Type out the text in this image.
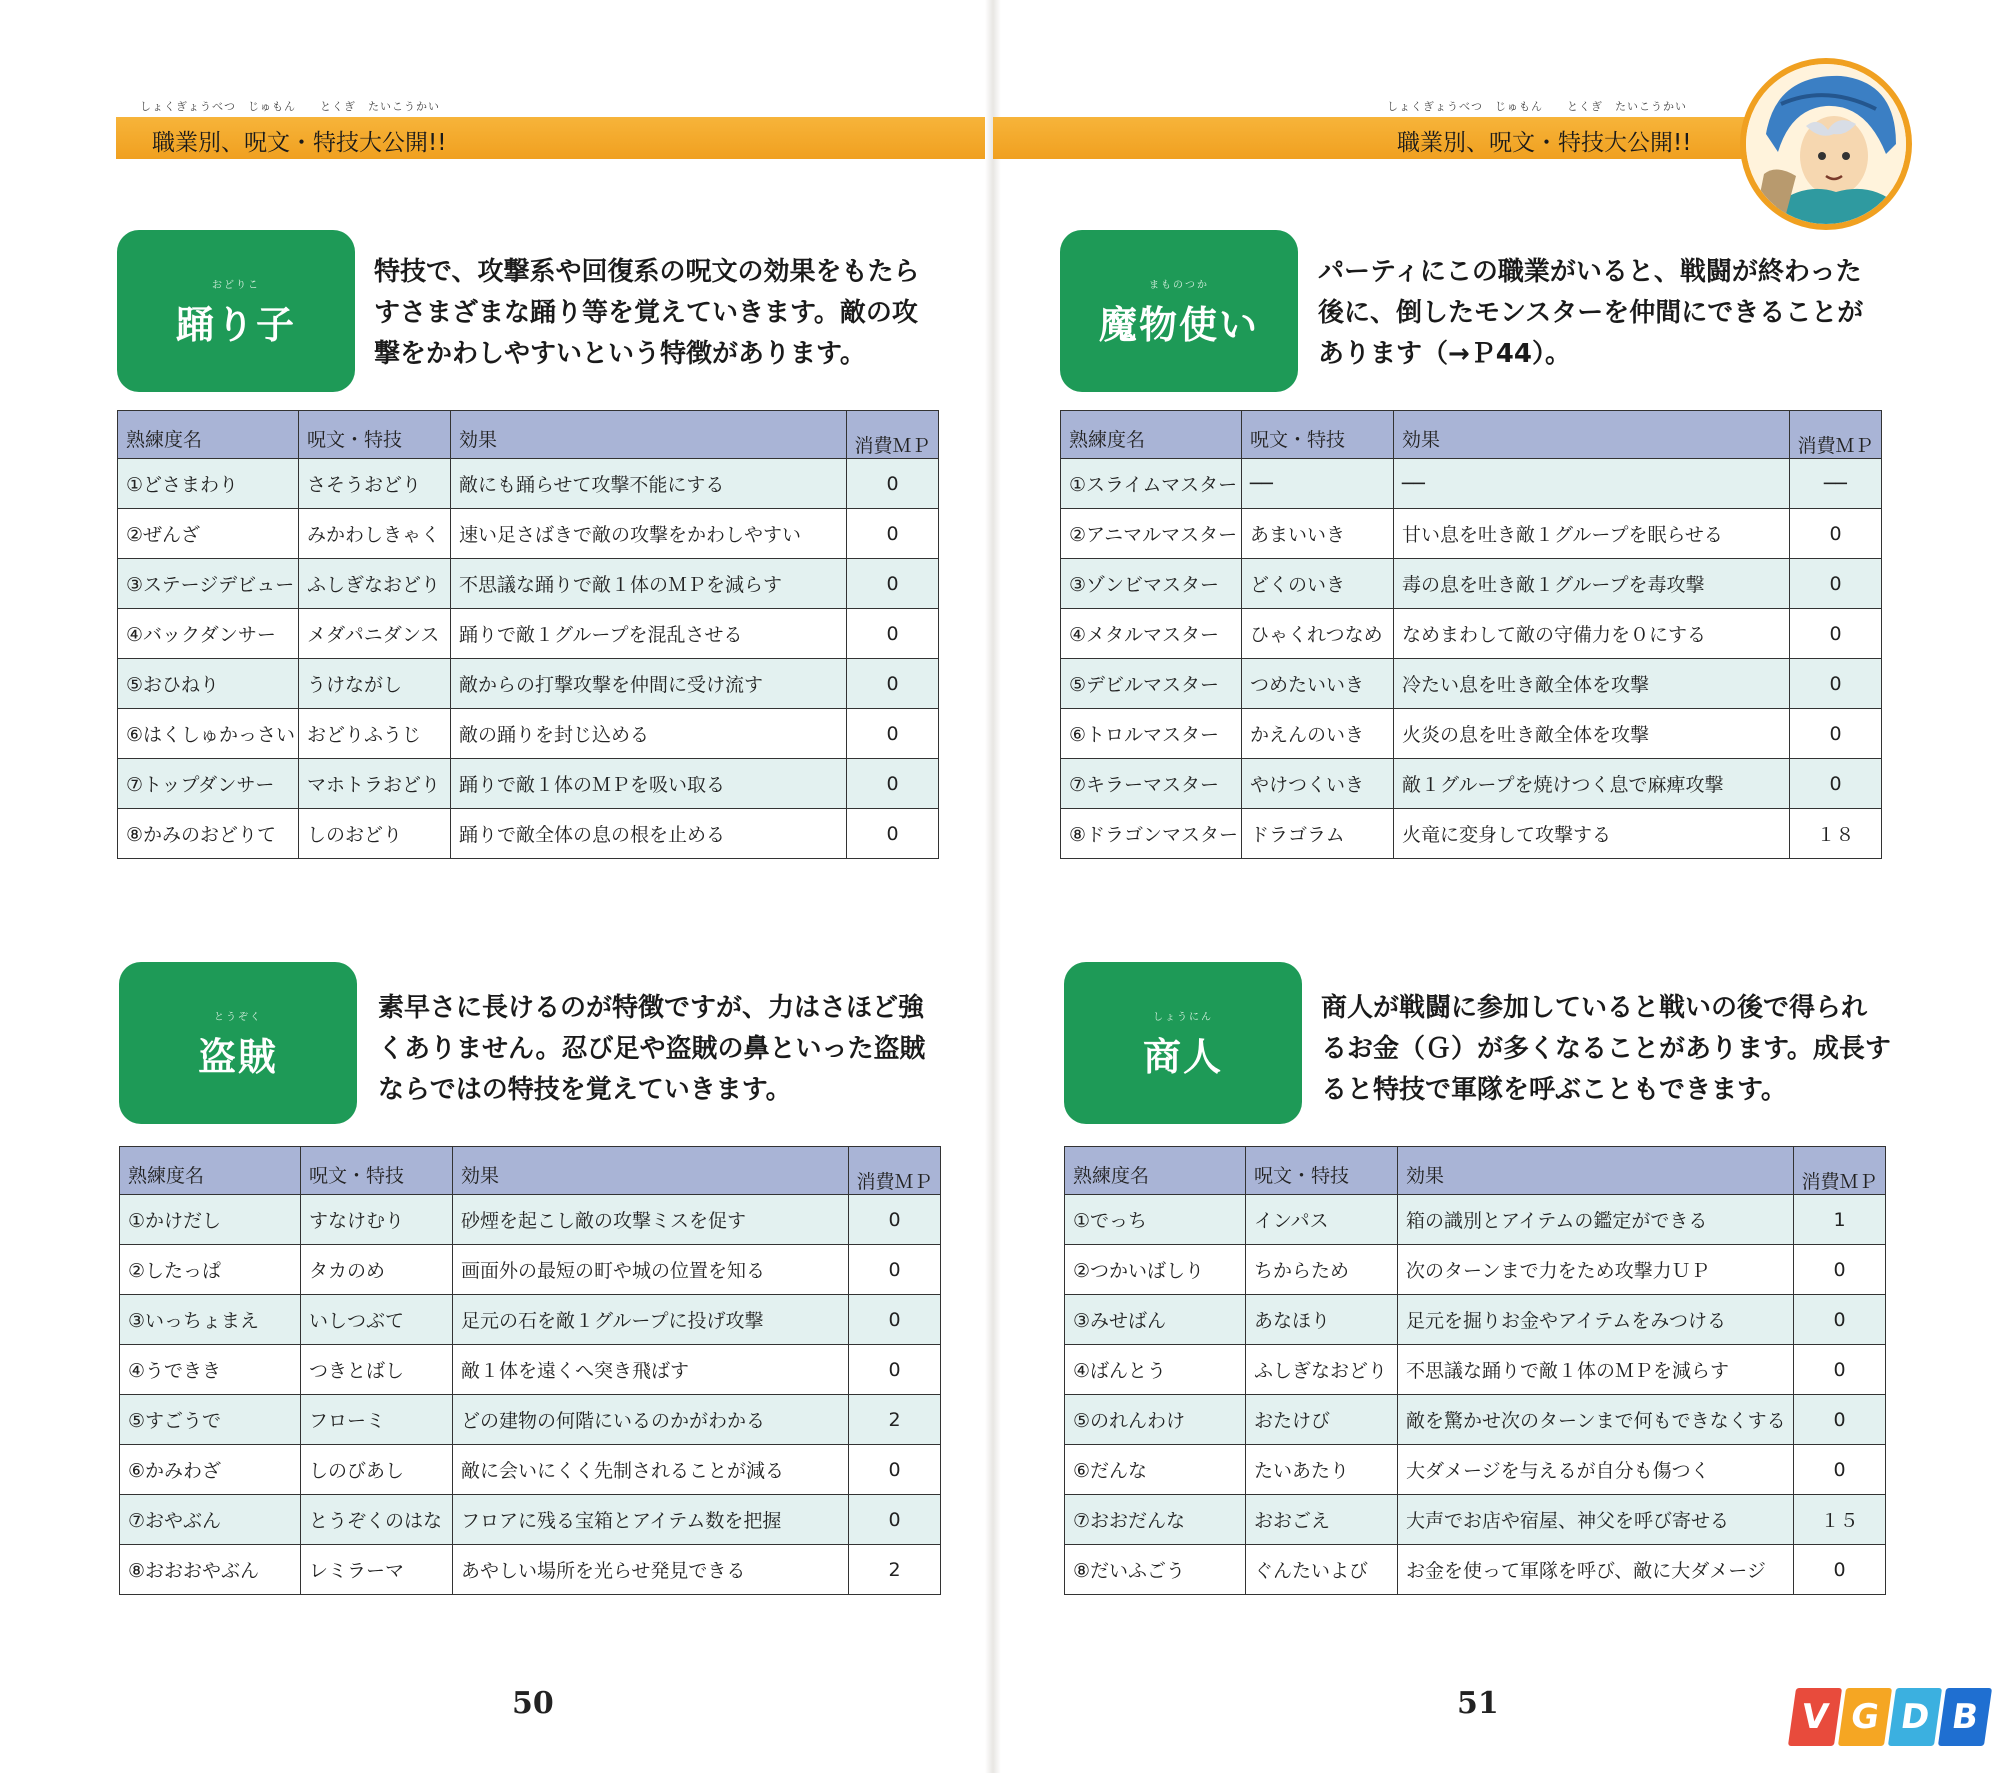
しょくぎょうべつ　じゅもん　　とくぎ　たいこうかい
職業別、呪文・特技大公開!!
おどりこ
踊り子
特技で、攻撃系や回復系の呪文の効果をもたら
すさまざまな踊り等を覚えていきます。敵の攻
撃をかわしやすいという特徴があります。
熟練度名	呪文・特技	効果	消費ＭＰ
①どさまわり	さそうおどり	敵にも踊らせて攻撃不能にする	0
②ぜんざ	みかわしきゃく	速い足さばきで敵の攻撃をかわしやすい	0
③ステージデビュー	ふしぎなおどり	不思議な踊りで敵１体のＭＰを減らす	0
④バックダンサー	メダパニダンス	踊りで敵１グループを混乱させる	0
⑤おひねり	うけながし	敵からの打撃攻撃を仲間に受け流す	0
⑥はくしゅかっさい	おどりふうじ	敵の踊りを封じ込める	0
⑦トップダンサー	マホトラおどり	踊りで敵１体のＭＰを吸い取る	0
⑧かみのおどりて	しのおどり	踊りで敵全体の息の根を止める	0
とうぞく
盗賊
素早さに長けるのが特徴ですが、力はさほど強
くありません。忍び足や盗賊の鼻といった盗賊
ならではの特技を覚えていきます。
熟練度名	呪文・特技	効果	消費ＭＰ
①かけだし	すなけむり	砂煙を起こし敵の攻撃ミスを促す	0
②したっぱ	タカのめ	画面外の最短の町や城の位置を知る	0
③いっちょまえ	いしつぶて	足元の石を敵１グループに投げ攻撃	0
④うできき	つきとばし	敵１体を遠くへ突き飛ばす	0
⑤すごうで	フローミ	どの建物の何階にいるのかがわかる	2
⑥かみわざ	しのびあし	敵に会いにくく先制されることが減る	0
⑦おやぶん	とうぞくのはな	フロアに残る宝箱とアイテム数を把握	0
⑧おおおやぶん	レミラーマ	あやしい場所を光らせ発見できる	2
50
しょくぎょうべつ　じゅもん　　とくぎ　たいこうかい
職業別、呪文・特技大公開!!
まものつか
魔物使い
パーティにこの職業がいると、戦闘が終わった
後に、倒したモンスターを仲間にできることが
あります（→Ｐ44）。
熟練度名	呪文・特技	効果	消費ＭＰ
①スライムマスター	──	──	──
②アニマルマスター	あまいいき	甘い息を吐き敵１グループを眠らせる	0
③ゾンビマスター	どくのいき	毒の息を吐き敵１グループを毒攻撃	0
④メタルマスター	ひゃくれつなめ	なめまわして敵の守備力を０にする	0
⑤デビルマスター	つめたいいき	冷たい息を吐き敵全体を攻撃	0
⑥トロルマスター	かえんのいき	火炎の息を吐き敵全体を攻撃	0
⑦キラーマスター	やけつくいき	敵１グループを焼けつく息で麻痺攻撃	0
⑧ドラゴンマスター	ドラゴラム	火竜に変身して攻撃する	１８
しょうにん
商人
商人が戦闘に参加していると戦いの後で得られ
るお金（Ｇ）が多くなることがあります。成長す
ると特技で軍隊を呼ぶこともできます。
熟練度名	呪文・特技	効果	消費ＭＰ
①でっち	インパス	箱の識別とアイテムの鑑定ができる	1
②つかいばしり	ちからため	次のターンまで力をため攻撃力ＵＰ	0
③みせばん	あなほり	足元を掘りお金やアイテムをみつける	0
④ばんとう	ふしぎなおどり	不思議な踊りで敵１体のＭＰを減らす	0
⑤のれんわけ	おたけび	敵を驚かせ次のターンまで何もできなくする	0
⑥だんな	たいあたり	大ダメージを与えるが自分も傷つく	0
⑦おおだんな	おおごえ	大声でお店や宿屋、神父を呼び寄せる	１５
⑧だいふごう	ぐんたいよび	お金を使って軍隊を呼び、敵に大ダメージ	0
51	V G D B
